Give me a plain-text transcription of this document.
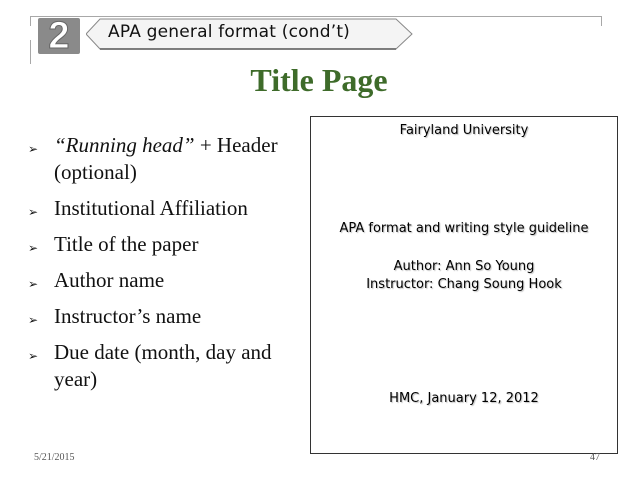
2	APA general format (cond’t)
Title Page
➢ “Running head” + Header (optional)
➢ Institutional Affiliation
➢ Title of the paper
➢ Author name
➢ Instructor’s name
➢ Due date (month, day and year)
Fairyland University
APA format and writing style guideline
Author: Ann So Young
Instructor: Chang Soung Hook
HMC, January 12, 2012
5/21/2015	47
